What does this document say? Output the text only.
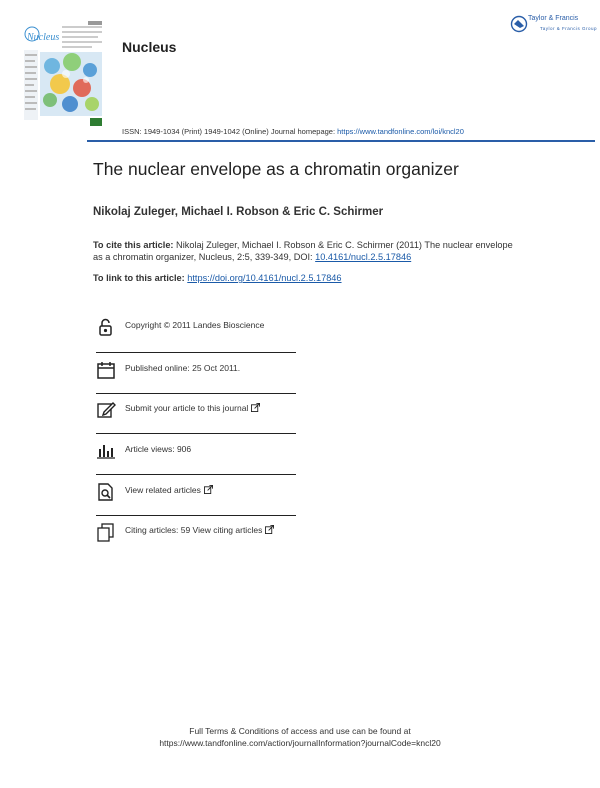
Nucleus
Nucleus
Taylor & Francis
Taylor & Francis Group
ISSN: 1949-1034 (Print) 1949-1042 (Online) Journal homepage: https://www.tandfonline.com/loi/kncl20
The nuclear envelope as a chromatin organizer
Nikolaj Zuleger, Michael I. Robson & Eric C. Schirmer
To cite this article: Nikolaj Zuleger, Michael I. Robson & Eric C. Schirmer (2011) The nuclear envelope as a chromatin organizer, Nucleus, 2:5, 339-349, DOI: 10.4161/nucl.2.5.17846
To link to this article: https://doi.org/10.4161/nucl.2.5.17846
Copyright © 2011 Landes Bioscience
Published online: 25 Oct 2011.
Submit your article to this journal
Article views: 906
View related articles
Citing articles: 59 View citing articles
Full Terms & Conditions of access and use can be found at
https://www.tandfonline.com/action/journalInformation?journalCode=kncl20
